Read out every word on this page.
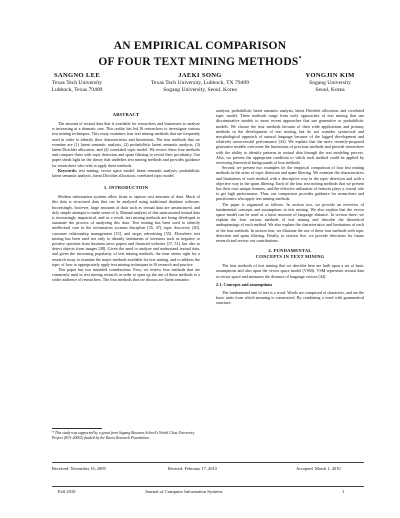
AN EMPIRICAL COMPARISON
OF FOUR TEXT MINING METHODS*
SANGNO LEE
Texas Tech University
Lubbock, Texas 79409
JAEKI SONG
Texas Tech University, Lubbock, TX 79409
Sogang University, Seoul, Korea
YONGJIN KIM
Sogang University
Seoul, Korea
ABSTRACT

The amount of textual data that is available for researchers and businesses to analyze is increasing at a dramatic rate. This reality has led IS researchers to investigate various text mining techniques. This essay examines four text mining methods that are frequently used in order to identify their characteristics and limitations. The four methods that we examine are (1) latent semantic analysis, (2) probabilistic latent semantic analysis, (3) latent Dirichlet allocation, and (4) correlated topic model. We review these four methods and compare them with topic detection and spam filtering to reveal their peculiarity. Our paper sheds light on the theory that underlies text mining methods and provides guidance for researchers who seek to apply these methods.

Keywords: text mining, vector space model, latent semantic analysis, probabilistic latent semantic analysis, latent Dirichlet allocation, correlated topic model.

1. INTRODUCTION

Modern information systems allow firms to capture vast amounts of data. Much of this data is structured data that can be analyzed using traditional database software. Increasingly, however, large amounts of data such as textual data are unstructured, and defy simple attempts to make sense of it. Manual analysis of this unstructured textual data is increasingly impractical, and as a result, text mining methods are being developed to automate the process of analyzing this data. Text mining has been used to identify intellectual core in the information systems discipline [35, 47], topic discovery [40], customer relationship management [15], and target advertising [55]. Elsewhere text mining has been used not only to identify sentiments of investors such as negative or positive opinions from business news papers and financial websites [17, 51], but also to detect objects from images [48]. Given the need to analyze and understand textual data, and given the increasing popularity of text mining methods, the time seems right for a research essay to examine the major methods available for text mining, and to address the topic of how to appropriately apply text mining techniques in IS research and practice.

This paper has two intended contributions. First, we review four methods that are commonly used in text mining research in order to open up the use of these methods to a wider audience of researchers. The four methods that we discuss are latent semantic

* This study was supported by a grant from Sogang Business School's World Class University Project (R31-20002) funded by the Korea Research Foundation.

analysis, probabilistic latent semantic analysis, latent Dirichlet allocation, and correlated topic model. These methods range from early approaches of text mining that use discriminative models to more recent approaches that use generative or probabilistic models. We choose the four methods because of their wide applications and primary methods in the development of text mining, but do not consider syntactical and morphological approach of natural language because of the lagged development and relatively unsuccessful performance [43]. We explain that the more recently-proposed generative models overcome the limitations of previous methods and provide researchers with the ability to identify patterns in textual data through the text modeling process. Also, we present the appropriate condition to which each method could be applied by reviewing theoretical backgrounds of four methods.

Second, we present two examples for the empirical comparison of four text mining methods in the areas of topic detection and spam filtering. We examine the characteristics and limitations of each method with a descriptive way in the topic detection and with a objective way in the spam filtering. Each of the four text mining methods that we present has their own unique features, and the effective utilization of features plays a crucial role to get high performance. Thus, our comparison provides guidance for researchers and practitioners who apply text mining methods.

The paper is organized as follows. In section two, we provide an overview of fundamental concepts and assumptions in text mining. We also explain that the vector space model can be used as a basic measure of language distance. In section three, we explain the four various methods of text mining and describe the theoretical underpinnings of each method. We also explain the characteristics and limitations of each of the four methods. In section four, we illustrate the use of these four methods with topic detection and spam filtering. Finally, in section five, we provide directions for future research and review our contributions.

2. FUNDAMENTAL
CONCEPTS IN TEXT MINING

The four methods of text mining that we describe here are built upon a set of basic assumptions and also upon the vector space model (VSM). VSM represents textual data as vector space and measures the distance of language vectors [44].

2.1. Concepts and assumptions

The fundamental unit of text is a word. Words are comprised of characters, and are the basic units from which meaning is constructed. By combining a word with grammatical structure,

Received: November 16, 2009	Revised: February 17, 2010	Accepted: March 1, 2010
Fall 2010	Journal of Computer Information Systems	1
